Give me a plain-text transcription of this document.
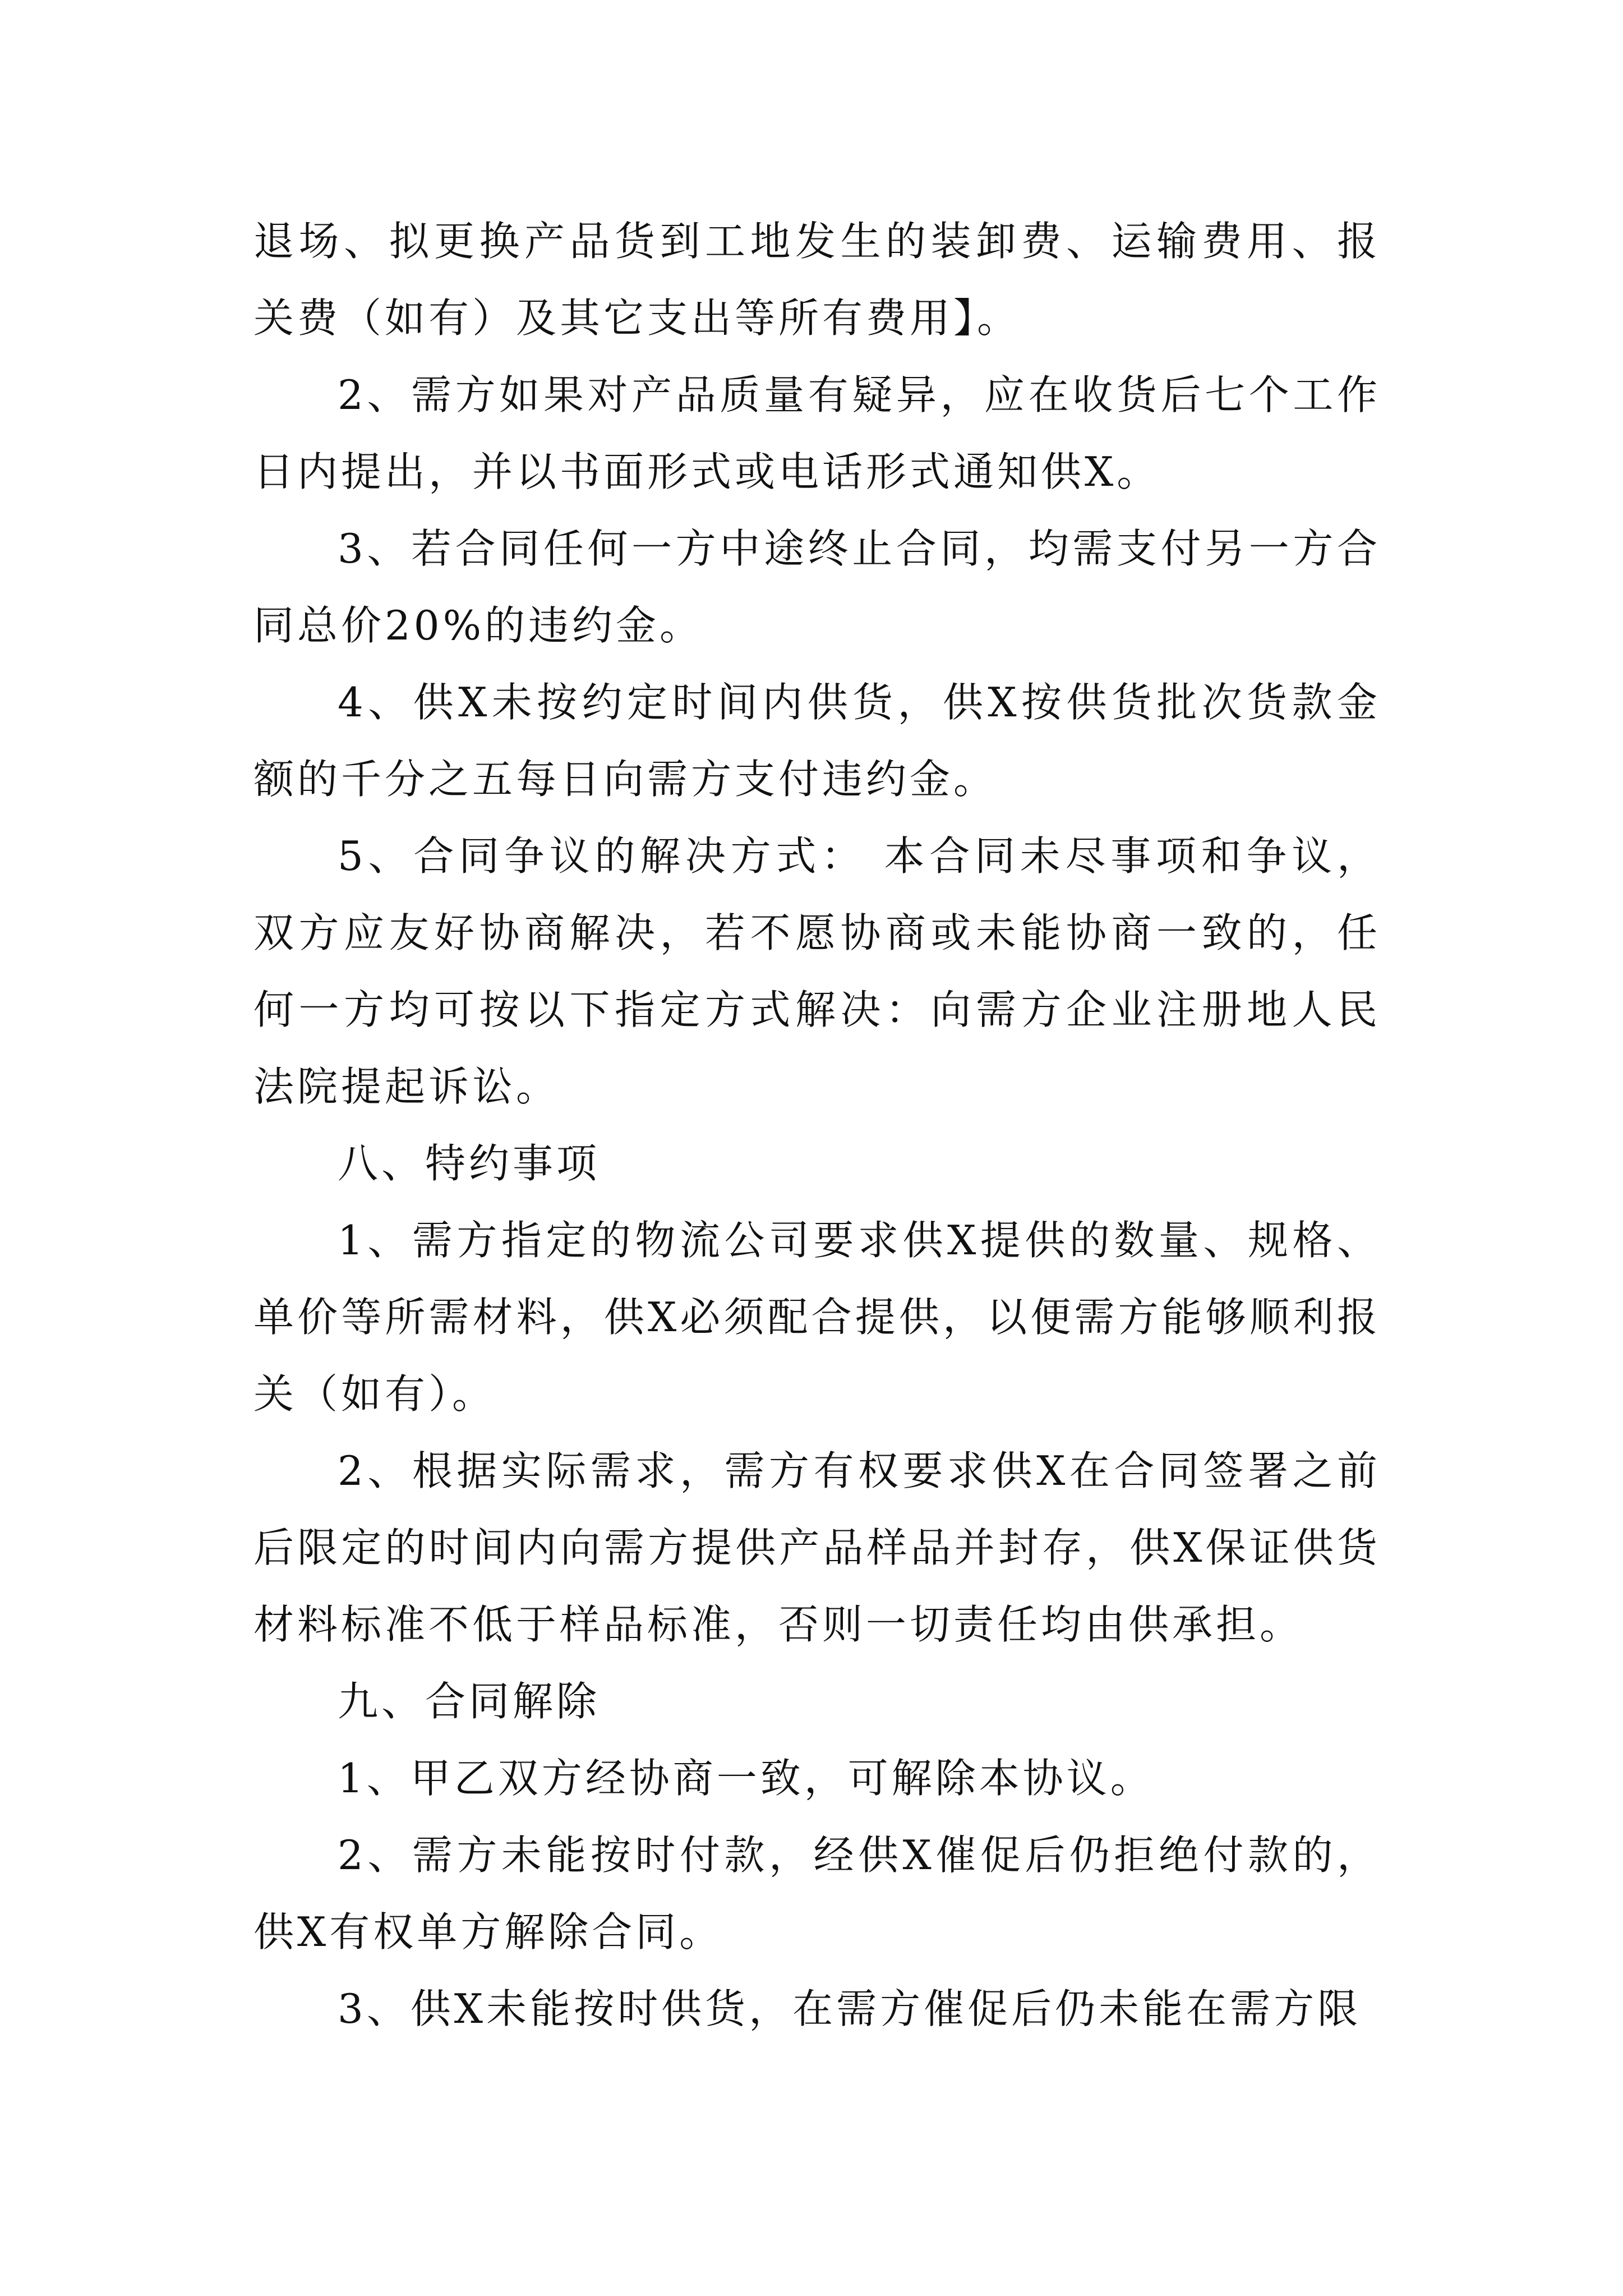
退场、拟更换产品货到工地发生的装卸费、运输费用、报关费（如有）及其它支出等所有费用】。

2、需方如果对产品质量有疑异，应在收货后七个工作日内提出，并以书面形式或电话形式通知供X。

3、若合同任何一方中途终止合同，均需支付另一方合同总价20%的违约金。

4、供X未按约定时间内供货，供X按供货批次货款金额的千分之五每日向需方支付违约金。

5、合同争议的解决方式： 本合同未尽事项和争议，双方应友好协商解决，若不愿协商或未能协商一致的，任何一方均可按以下指定方式解决：向需方企业注册地人民法院提起诉讼。

八、特约事项

1、需方指定的物流公司要求供X提供的数量、规格、单价等所需材料，供X必须配合提供，以便需方能够顺利报关（如有）。

2、根据实际需求，需方有权要求供X在合同签署之前后限定的时间内向需方提供产品样品并封存，供X保证供货材料标准不低于样品标准，否则一切责任均由供承担。

九、合同解除

1、甲乙双方经协商一致，可解除本协议。

2、需方未能按时付款，经供X催促后仍拒绝付款的，供X有权单方解除合同。

3、供X未能按时供货，在需方催促后仍未能在需方限
